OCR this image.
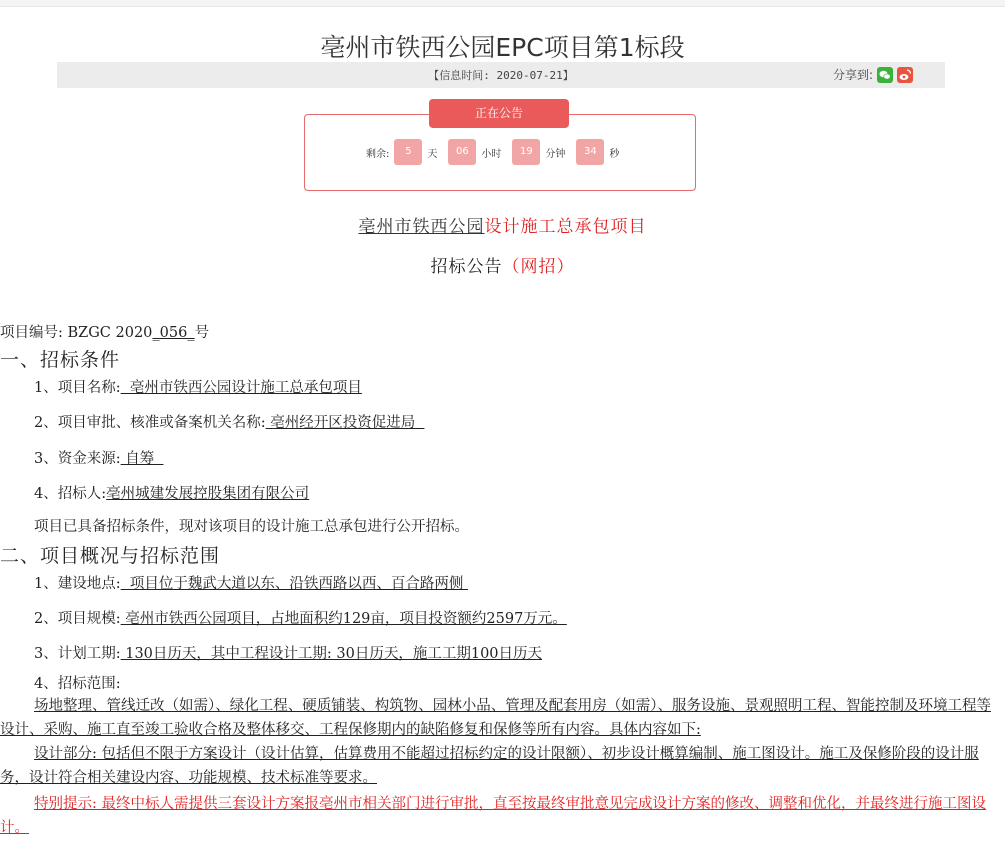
亳州市铁西公园EPC项目第1标段
【信息时间: 2020-07-21】	分享到:
正在公告
剩余:	5	天	06	小时	19	分钟	34	秒
亳州市铁西公园设计施工总承包项目
招标公告（网招）
项目编号: BZGC 2020_056_号
一、招标条件
1、项目名称:  亳州市铁西公园设计施工总承包项目
2、项目审批、核准或备案机关名称: 亳州经开区投资促进局
3、资金来源: 自筹
4、招标人:亳州城建发展控股集团有限公司
项目已具备招标条件，现对该项目的设计施工总承包进行公开招标。
二、项目概况与招标范围
1、建设地点:  项目位于魏武大道以东、沿铁西路以西、百合路两侧
2、项目规模: 亳州市铁西公园项目，占地面积约129亩，项目投资额约2597万元。
3、计划工期: 130日历天，其中工程设计工期: 30日历天，施工工期100日历天
4、招标范围:
场地整理、管线迁改（如需）、绿化工程、硬质铺装、构筑物、园林小品、管理及配套用房（如需）、服务设施、景观照明工程、智能控制及环境工程等设计、采购、施工直至竣工验收合格及整体移交、工程保修期内的缺陷修复和保修等所有内容。具体内容如下:
设计部分: 包括但不限于方案设计（设计估算，估算费用不能超过招标约定的设计限额）、初步设计概算编制、施工图设计。施工及保修阶段的设计服务，设计符合相关建设内容、功能规模、技术标准等要求。
特别提示: 最终中标人需提供三套设计方案报亳州市相关部门进行审批，直至按最终审批意见完成设计方案的修改、调整和优化，并最终进行施工图设计。
